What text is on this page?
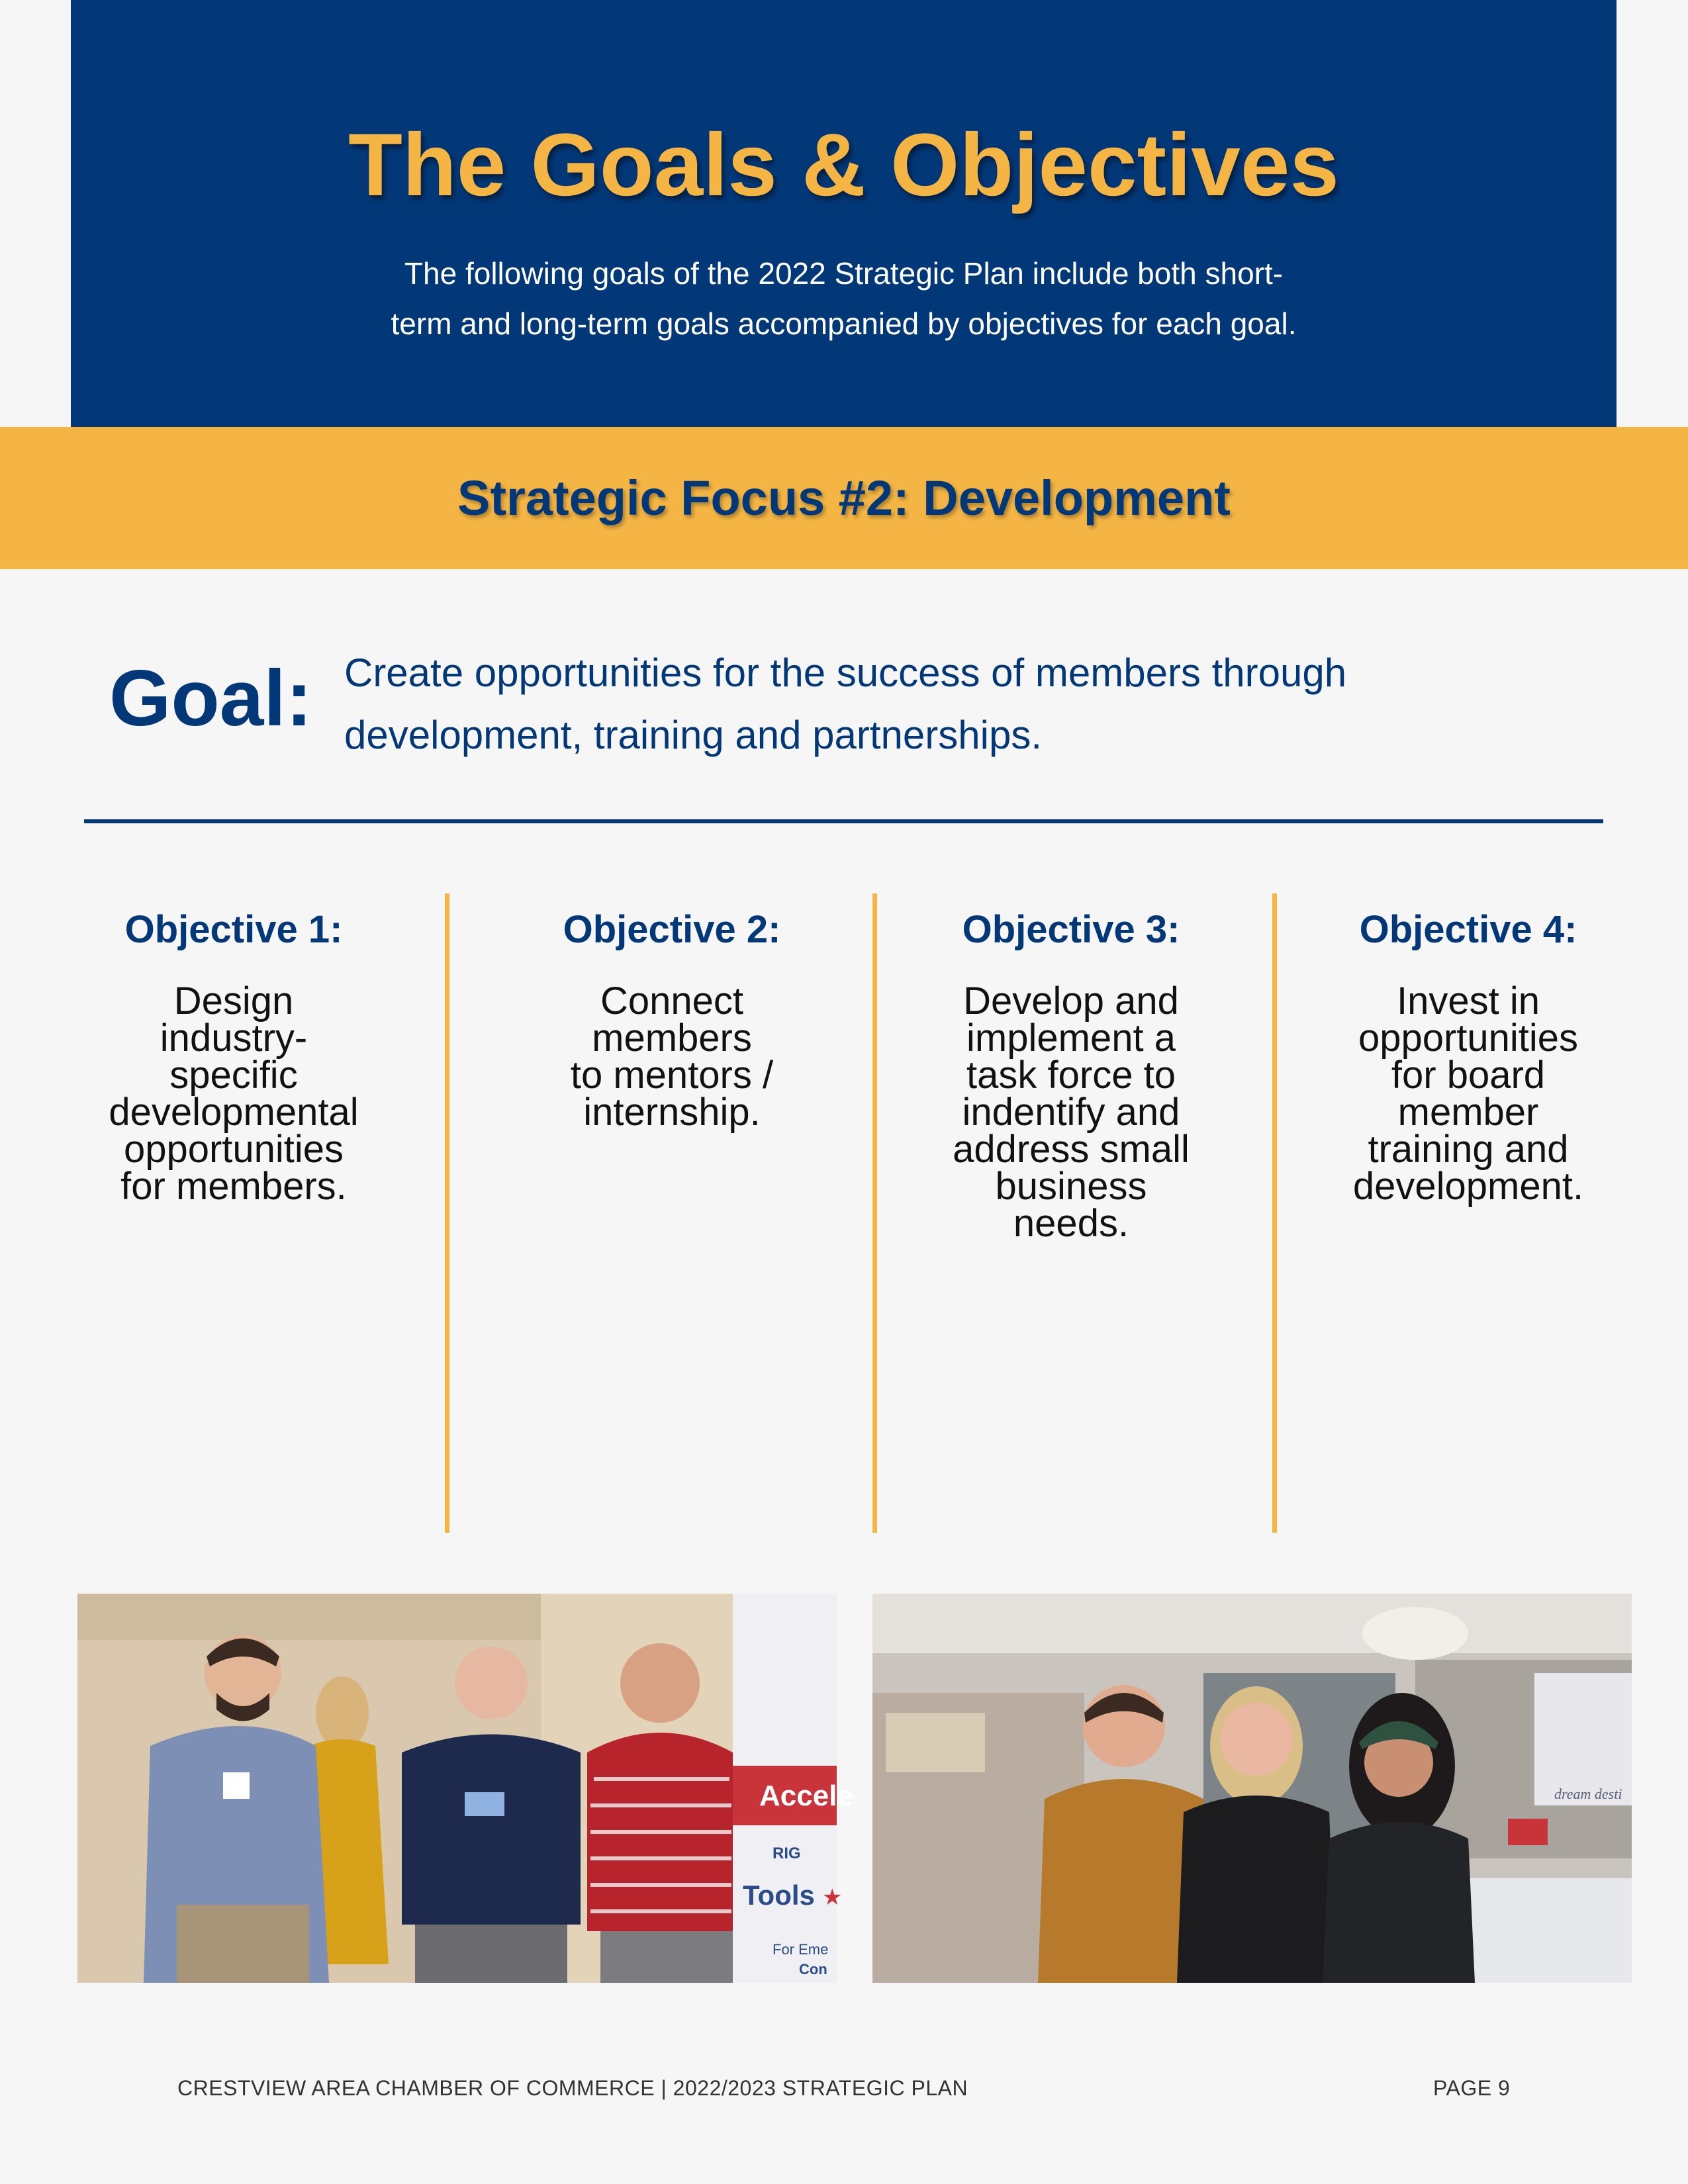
The Goals & Objectives
The following goals of the 2022 Strategic Plan include both short-
term and long-term goals accompanied by objectives for each goal.
Strategic Focus #2: Development
Goal: Create opportunities for the success of members through
development, training and partnerships.
Objective 1:
Design
industry-
specific
developmental
opportunities
for members.
Objective 2:
Connect
members
to mentors /
internship.
Objective 3:
Develop and
implement a
task force to
indentify and
address small
business
needs.
Objective 4:
Invest in
opportunities
for board
member
training and
development.
Accele
RIG
Tools ★
For Eme
Con
dream desti
CRESTVIEW AREA CHAMBER OF COMMERCE | 2022/2023 STRATEGIC PLAN	PAGE 9
